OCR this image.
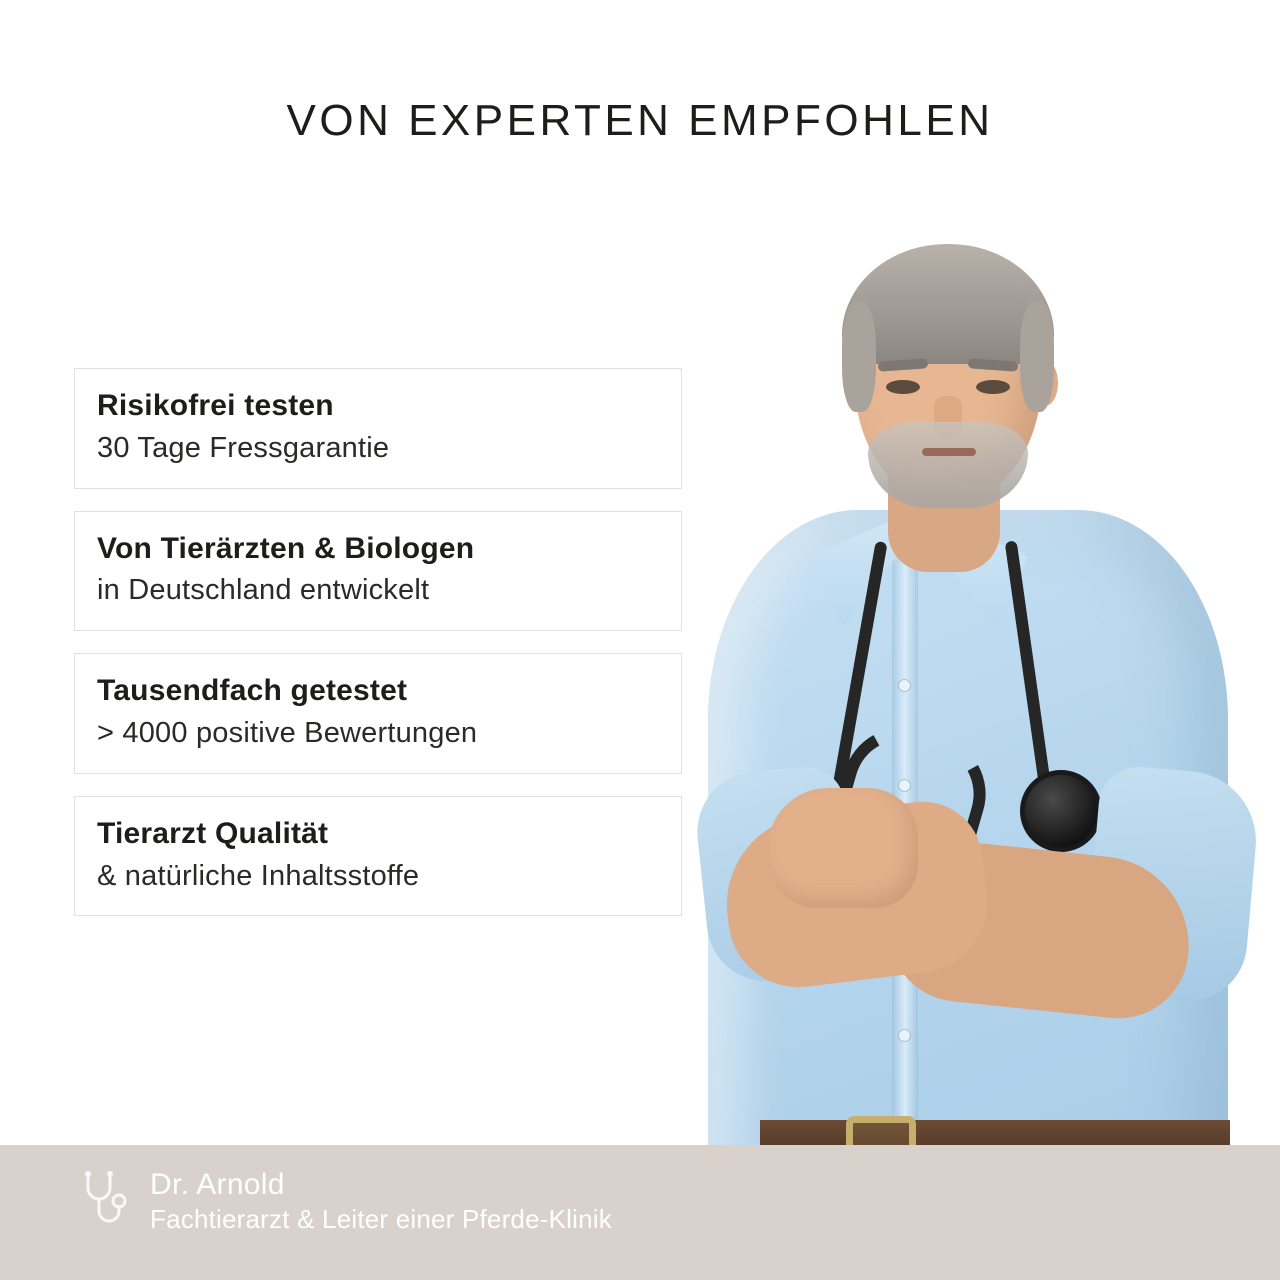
VON EXPERTEN EMPFOHLEN
Risikofrei testen
30 Tage Fressgarantie
Von Tierärzten & Biologen
in Deutschland entwickelt
Tausendfach getestet
> 4000 positive Bewertungen
Tierarzt Qualität
& natürliche Inhaltsstoffe
Dr. Arnold
Fachtierarzt & Leiter einer Pferde-Klinik
